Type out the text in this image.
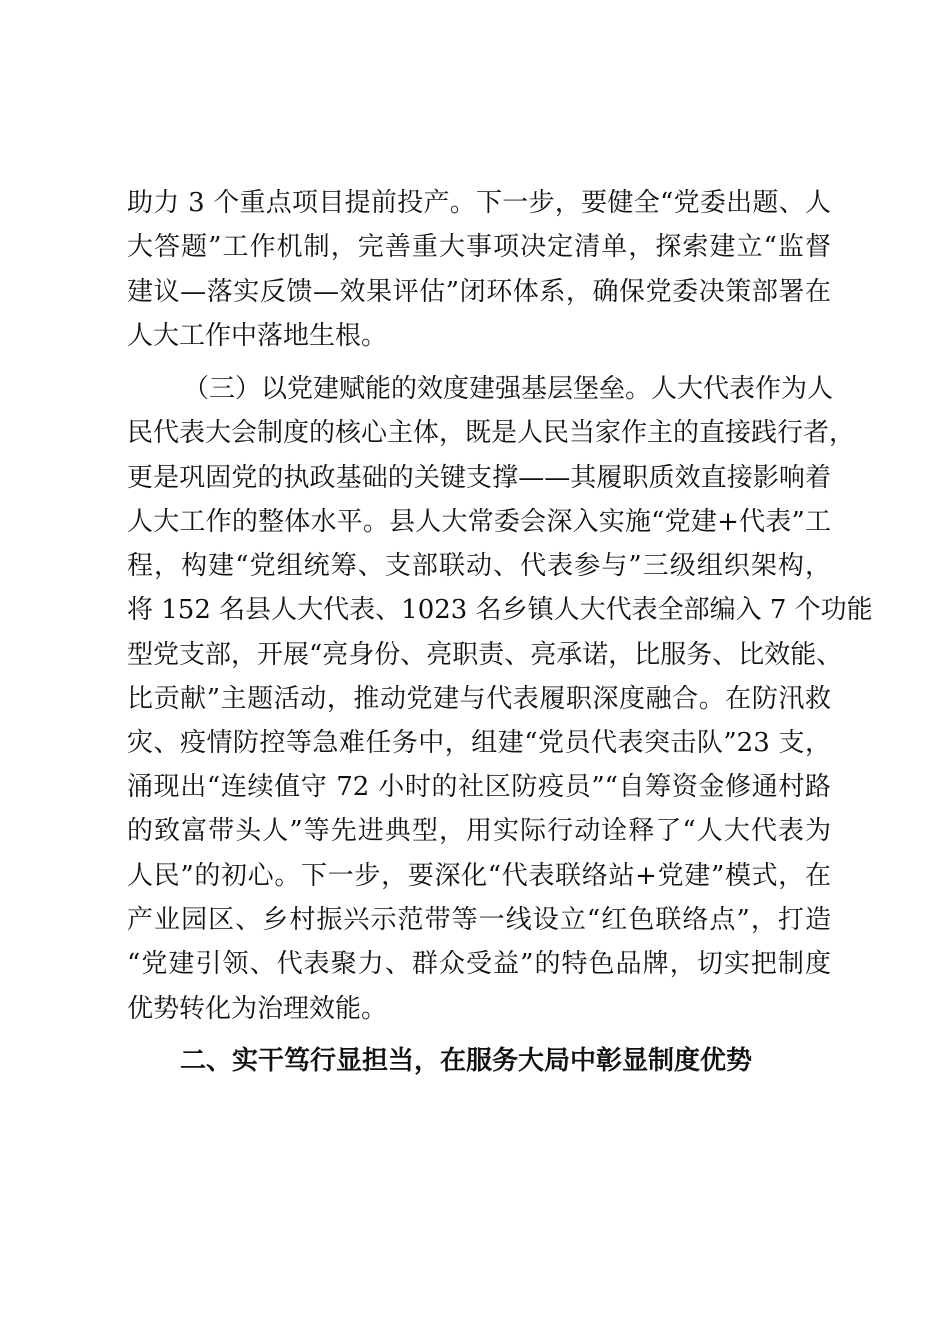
助力 3 个重点项目提前投产。下一步，要健全“党委出题、人
大答题”工作机制，完善重大事项决定清单，探索建立“监督
建议—落实反馈—效果评估”闭环体系，确保党委决策部署在
人大工作中落地生根。
（三）以党建赋能的效度建强基层堡垒。人大代表作为人
民代表大会制度的核心主体，既是人民当家作主的直接践行者，
更是巩固党的执政基础的关键支撑——其履职质效直接影响着
人大工作的整体水平。县人大常委会深入实施“党建+代表”工
程，构建“党组统筹、支部联动、代表参与”三级组织架构，
将 152 名县人大代表、1023 名乡镇人大代表全部编入 7 个功能
型党支部，开展“亮身份、亮职责、亮承诺，比服务、比效能、
比贡献”主题活动，推动党建与代表履职深度融合。在防汛救
灾、疫情防控等急难任务中，组建“党员代表突击队”23 支，
涌现出“连续值守 72 小时的社区防疫员”“自筹资金修通村路
的致富带头人”等先进典型，用实际行动诠释了“人大代表为
人民”的初心。下一步，要深化“代表联络站+党建”模式，在
产业园区、乡村振兴示范带等一线设立“红色联络点”，打造
“党建引领、代表聚力、群众受益”的特色品牌，切实把制度
优势转化为治理效能。
二、实干笃行显担当，在服务大局中彰显制度优势
